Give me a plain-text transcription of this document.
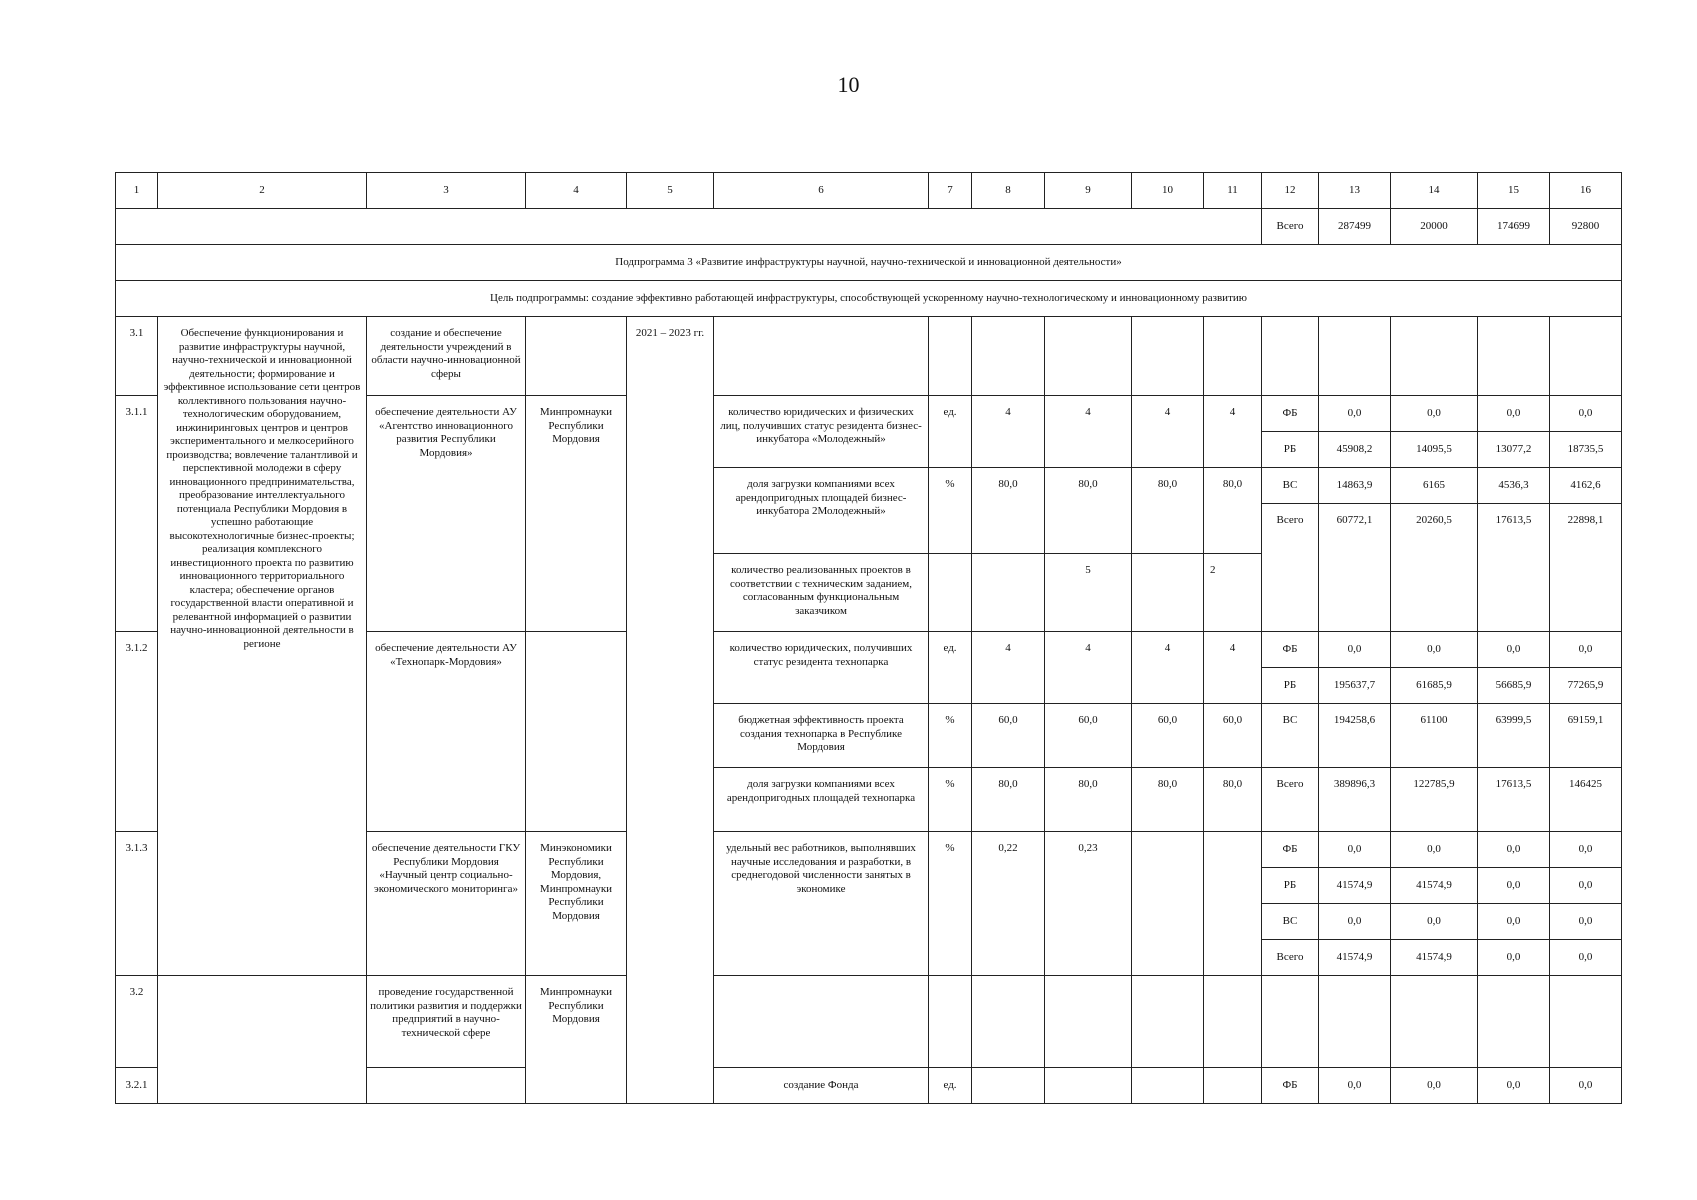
10
1	2	3	4	5	6	7	8	9	10	11	12	13	14	15	16
											Всего	287499	20000	174699	92800
Подпрограмма 3 «Развитие инфраструктуры научной, научно-технической и инновационной деятельности»															
Цель подпрограммы: создание эффективно работающей инфраструктуры, способствующей ускоренному научно-технологическому и инновационному развитию															
3.1	Обеспечение функционирования и развитие инфраструктуры научной, научно-технической и инновационной деятельности; формирование и эффективное использование сети центров коллективного пользования научно-технологическим оборудованием, инжиниринговых центров и центров экспериментального и мелкосерийного производства; вовлечение талантливой и перспективной молодежи в сферу инновационного предпринимательства, преобразование интеллектуального потенциала Республики Мордовия в успешно работающие высокотехнологичные бизнес-проекты; реализация комплексного инвестиционного проекта по развитию инновационного территориального кластера; обеспечение органов государственной власти оперативной и релевантной информацией о развитии научно-инновационной деятельности в регионе	создание и обеспечение деятельности учреждений в области научно-инновационной сферы		2021 – 2023 гг.											
3.1.1		обеспечение деятельности АУ «Агентство инновационного развития Республики Мордовия»	Минпромнауки Республики Мордовия		количество юридических и физических лиц, получивших статус резидента бизнес-инкубатора «Молодежный»	ед.	4	4	4	4	ФБ	0,0	0,0	0,0	0,0
											РБ	45908,2	14095,5	13077,2	18735,5
					доля загрузки компаниями всех арендопригодных площадей бизнес-инкубатора 2Молодежный»	%	80,0	80,0	80,0	80,0	ВС	14863,9	6165	4536,3	4162,6
											Всего	60772,1	20260,5	17613,5	22898,1
					количество реализованных проектов в соответствии с техническим заданием, согласованным функциональным заказчиком			5		2					
3.1.2		обеспечение деятельности АУ «Технопарк-Мордовия»			количество юридических, получивших статус резидента технопарка	ед.	4	4	4	4	ФБ	0,0	0,0	0,0	0,0
											РБ	195637,7	61685,9	56685,9	77265,9
					бюджетная эффективность проекта создания технопарка в Республике Мордовия	%	60,0	60,0	60,0	60,0	ВС	194258,6	61100	63999,5	69159,1
					доля загрузки компаниями всех арендопригодных площадей технопарка	%	80,0	80,0	80,0	80,0	Всего	389896,3	122785,9	17613,5	146425
3.1.3		обеспечение деятельности ГКУ Республики Мордовия «Научный центр социально-экономического мониторинга»	Минэкономики Республики Мордовия, Минпромнауки Республики Мордовия		удельный вес работников, выполнявших научные исследования и разработки, в среднегодовой численности занятых в экономике	%	0,22	0,23			ФБ	0,0	0,0	0,0	0,0
											РБ	41574,9	41574,9	0,0	0,0
											ВС	0,0	0,0	0,0	0,0
											Всего	41574,9	41574,9	0,0	0,0
3.2		проведение государственной политики развития и поддержки предприятий в научно-технической сфере	Минпромнауки Республики Мордовия												
3.2.1					создание Фонда	ед.					ФБ	0,0	0,0	0,0	0,0
